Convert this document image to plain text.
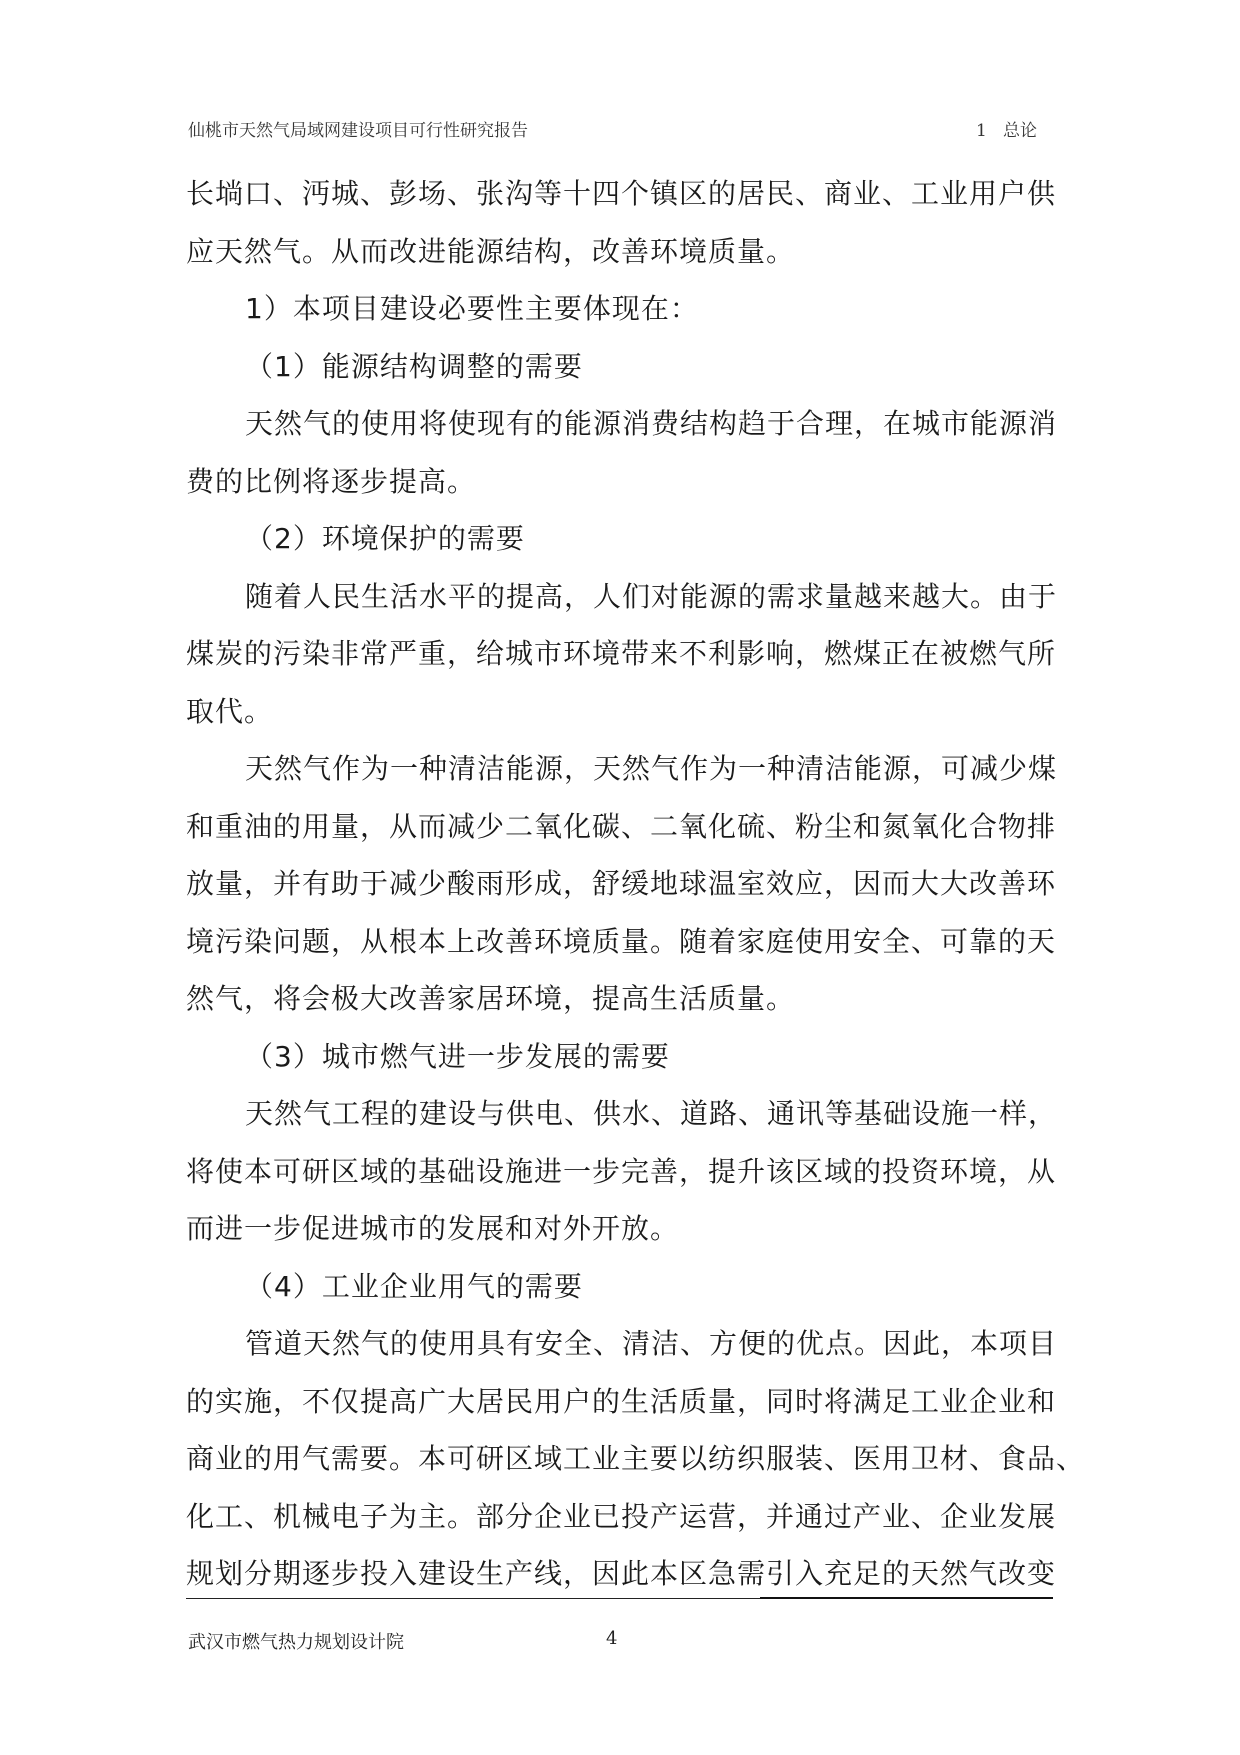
仙桃市天然气局域网建设项目可行性研究报告	1   总论
长埫口、沔城、彭场、张沟等十四个镇区的居民、商业、工业用户供
应天然气。从而改进能源结构，改善环境质量。
1）本项目建设必要性主要体现在：
（1）能源结构调整的需要
天然气的使用将使现有的能源消费结构趋于合理，在城市能源消
费的比例将逐步提高。
（2）环境保护的需要
随着人民生活水平的提高，人们对能源的需求量越来越大。由于
煤炭的污染非常严重，给城市环境带来不利影响，燃煤正在被燃气所
取代。
天然气作为一种清洁能源，天然气作为一种清洁能源，可减少煤
和重油的用量，从而减少二氧化碳、二氧化硫、粉尘和氮氧化合物排
放量，并有助于减少酸雨形成，舒缓地球温室效应，因而大大改善环
境污染问题，从根本上改善环境质量。随着家庭使用安全、可靠的天
然气，将会极大改善家居环境，提高生活质量。
（3）城市燃气进一步发展的需要
天然气工程的建设与供电、供水、道路、通讯等基础设施一样，
将使本可研区域的基础设施进一步完善，提升该区域的投资环境，从
而进一步促进城市的发展和对外开放。
（4）工业企业用气的需要
管道天然气的使用具有安全、清洁、方便的优点。因此，本项目
的实施，不仅提高广大居民用户的生活质量，同时将满足工业企业和
商业的用气需要。本可研区域工业主要以纺织服装、医用卫材、食品、
化工、机械电子为主。部分企业已投产运营，并通过产业、企业发展
规划分期逐步投入建设生产线，因此本区急需引入充足的天然气改变
武汉市燃气热力规划设计院	4
